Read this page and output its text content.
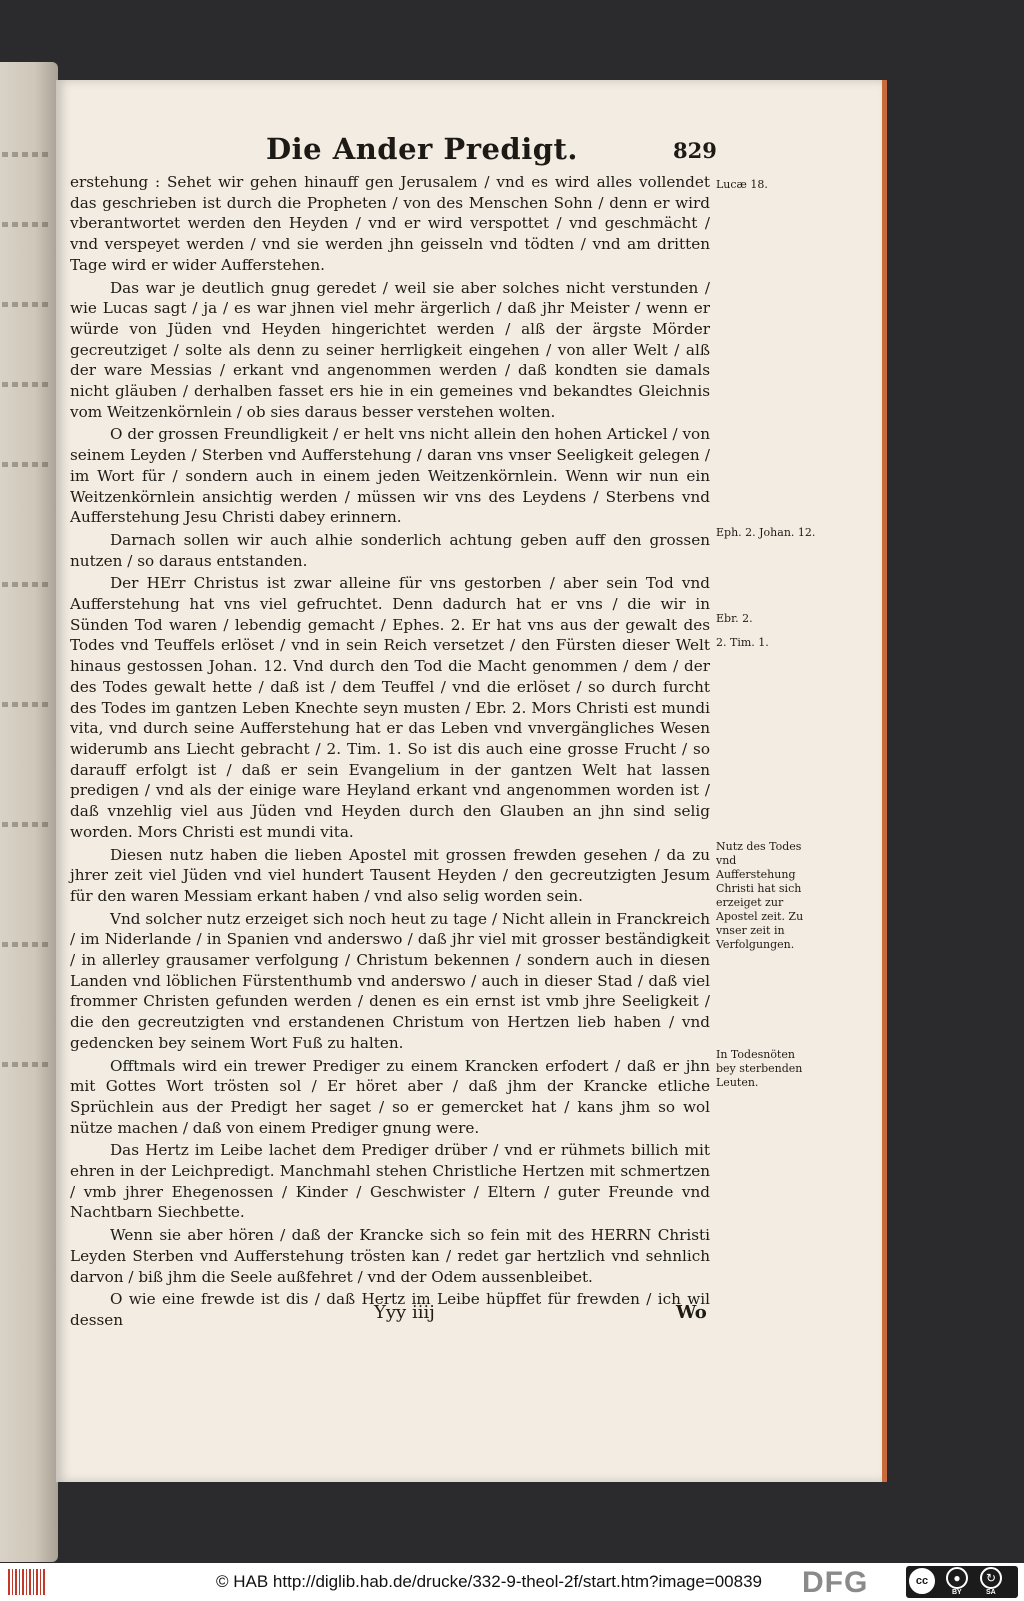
Die Ander Predigt.	829

erstehung : Sehet wir gehen hinauff gen Jerusalem / vnd es wird alles vollendet das geschrieben ist durch die Propheten / von des Menschen Sohn / denn er wird vberantwortet werden den Heyden / vnd er wird verspottet / vnd geschmächt / vnd verspeyet werden / vnd sie werden jhn geisseln vnd tödten / vnd am dritten Tage wird er wider Aufferstehen.

Das war je deutlich gnug geredet / weil sie aber solches nicht verstunden / wie Lucas sagt / ja / es war jhnen viel mehr ärgerlich / daß jhr Meister / wenn er würde von Jüden vnd Heyden hingerichtet werden / alß der ärgste Mörder gecreutziget / solte als denn zu seiner herrligkeit eingehen / von aller Welt / alß der ware Messias / erkant vnd angenommen werden / daß kondten sie damals nicht gläuben / derhalben fasset ers hie in ein gemeines vnd bekandtes Gleichnis vom Weitzenkörnlein / ob sies daraus besser verstehen wolten.

O der grossen Freundligkeit / er helt vns nicht allein den hohen Artickel / von seinem Leyden / Sterben vnd Aufferstehung / daran vns vnser Seeligkeit gelegen / im Wort für / sondern auch in einem jeden Weitzenkörnlein. Wenn wir nun ein Weitzenkörnlein ansichtig werden / müssen wir vns des Leydens / Sterbens vnd Aufferstehung Jesu Christi dabey erinnern.

Darnach sollen wir auch alhie sonderlich achtung geben auff den grossen nutzen / so daraus entstanden.

Der HErr Christus ist zwar alleine für vns gestorben / aber sein Tod vnd Aufferstehung hat vns viel gefruchtet. Denn dadurch hat er vns / die wir in Sünden Tod waren / lebendig gemacht / Ephes. 2. Er hat vns aus der gewalt des Todes vnd Teuffels erlöset / vnd in sein Reich versetzet / den Fürsten dieser Welt hinaus gestossen Johan. 12. Vnd durch den Tod die Macht genommen / dem / der des Todes gewalt hette / daß ist / dem Teuffel / vnd die erlöset / so durch furcht des Todes im gantzen Leben Knechte seyn musten / Ebr. 2. Mors Christi est mundi vita, vnd durch seine Aufferstehung hat er das Leben vnd vnvergängliches Wesen widerumb ans Liecht gebracht / 2. Tim. 1. So ist dis auch eine grosse Frucht / so darauff erfolgt ist / daß er sein Evangelium in der gantzen Welt hat lassen predigen / vnd als der einige ware Heyland erkant vnd angenommen worden ist / daß vnzehlig viel aus Jüden vnd Heyden durch den Glauben an jhn sind selig worden. Mors Christi est mundi vita.

Diesen nutz haben die lieben Apostel mit grossen frewden gesehen / da zu jhrer zeit viel Jüden vnd viel hundert Tausent Heyden / den gecreutzigten Jesum für den waren Messiam erkant haben / vnd also selig worden sein.

Vnd solcher nutz erzeiget sich noch heut zu tage / Nicht allein in Franckreich / im Niderlande / in Spanien vnd anderswo / daß jhr viel mit grosser beständigkeit / in allerley grausamer verfolgung / Christum bekennen / sondern auch in diesen Landen vnd löblichen Fürstenthumb vnd anderswo / auch in dieser Stad / daß viel frommer Christen gefunden werden / denen es ein ernst ist vmb jhre Seeligkeit / die den gecreutzigten vnd erstandenen Christum von Hertzen lieb haben / vnd gedencken bey seinem Wort Fuß zu halten.

Offtmals wird ein trewer Prediger zu einem Krancken erfodert / daß er jhn mit Gottes Wort trösten sol / Er höret aber / daß jhm der Krancke etliche Sprüchlein aus der Predigt her saget / so er gemercket hat / kans jhm so wol nütze machen / daß von einem Prediger gnung were.

Das Hertz im Leibe lachet dem Prediger drüber / vnd er rühmets billich mit ehren in der Leichpredigt. Manchmahl stehen Christliche Hertzen mit schmertzen / vmb jhrer Ehegenossen / Kinder / Geschwister / Eltern / guter Freunde vnd Nachtbarn Siechbette.

Wenn sie aber hören / daß der Krancke sich so fein mit des HERRN Christi Leyden Sterben vnd Aufferstehung trösten kan / redet gar hertzlich vnd sehnlich darvon / biß jhm die Seele außfehret / vnd der Odem aussenbleibet.

O wie eine frewde ist dis / daß Hertz im Leibe hüpffet für frewden / ich wil dessen

Lucæ 18.
Eph. 2. Johan. 12.
Ebr. 2.
2. Tim. 1.
Nutz des Todes vnd Aufferstehung Christi hat sich erzeiget zur Apostel zeit. Zu vnser zeit in Verfolgungen.
In Todesnöten bey sterbenden Leuten.
Yyy iiij	Wo
© HAB http://diglib.hab.de/drucke/332-9-theol-2f/start.htm?image=00839 DFG	cc	●	↻
BY	SA
